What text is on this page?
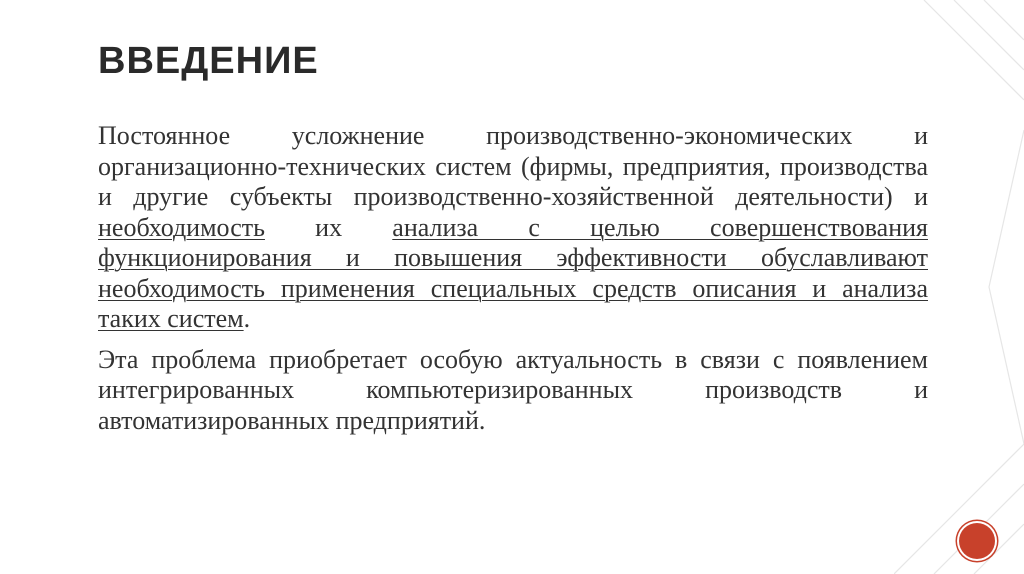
ВВЕДЕНИЕ

Постоянное усложнение производственно-экономических и организационно-технических систем (фирмы, предприятия, производства и другие субъекты производственно-хозяйственной деятельности) и необходимость их анализа с целью совершенствования функционирования и повышения эффективности обуславливают необходимость применения специальных средств описания и анализа таких систем.

Эта проблема приобретает особую актуальность в связи с появлением интегрированных компьютеризированных производств и автоматизированных предприятий.
